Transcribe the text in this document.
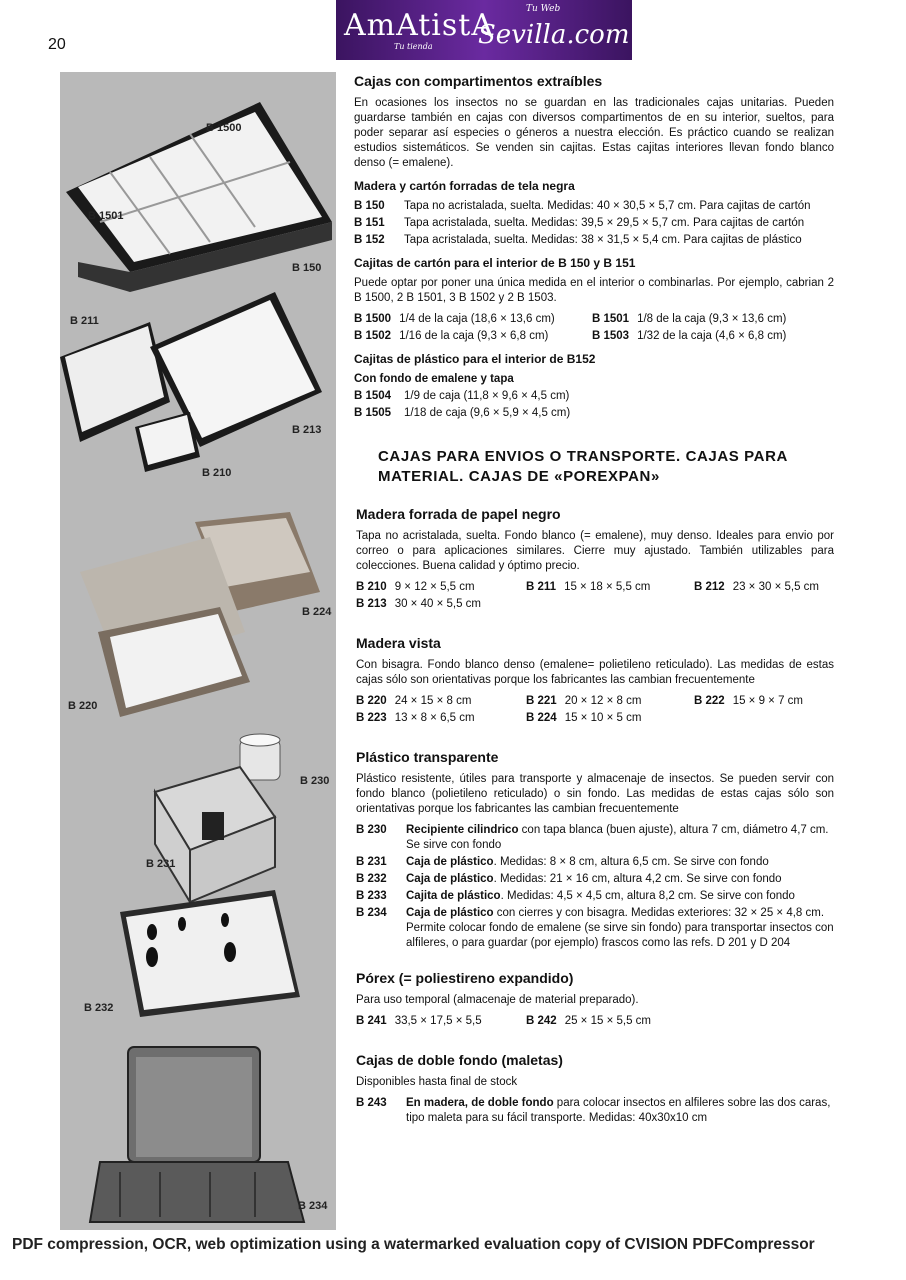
20
AmAtistA
Sevilla.com
Tu Web
Tu tienda
B 1500
B 1501
B 150
B 211
B 213
B 210
B 224
B 220
B 230
B 231
B 232
B 234
Cajas con compartimentos extraíbles
En ocasiones los insectos no se guardan en las tradicionales cajas unitarias. Pueden guardarse también en cajas con diversos compartimentos de en su interior, sueltos, para poder separar así especies o géneros a nuestra elección. Es práctico cuando se realizan estudios sistemáticos. Se venden sin cajitas. Estas cajitas interiores llevan fondo blanco denso (= emalene).
Madera y cartón forradas de tela negra
B 150	Tapa no acristalada, suelta. Medidas: 40 × 30,5 × 5,7 cm. Para cajitas de cartón
B 151	Tapa acristalada, suelta. Medidas: 39,5 × 29,5 × 5,7 cm. Para cajitas de cartón
B 152	Tapa acristalada, suelta. Medidas: 38 × 31,5 × 5,4 cm. Para cajitas de plástico
Cajitas de cartón para el interior de B 150 y B 151
Puede optar por poner una única medida en el interior o combinarlas. Por ejemplo, cabrian 2 B 1500, 2 B 1501, 3 B 1502 y 2 B 1503.
B 1500 1/4 de la caja (18,6 × 13,6 cm)	B 1501 1/8 de la caja (9,3 × 13,6 cm)
B 1502 1/16 de la caja (9,3 × 6,8 cm)	B 1503 1/32 de la caja (4,6 × 6,8 cm)
Cajitas de plástico para el interior de B152
Con fondo de emalene y tapa
B 1504	1/9 de caja (11,8 × 9,6 × 4,5 cm)
B 1505	1/18 de caja (9,6 × 5,9 × 4,5 cm)
CAJAS PARA ENVIOS O TRANSPORTE. CAJAS PARA MATERIAL. CAJAS DE «POREXPAN»
Madera forrada de papel negro
Tapa no acristalada, suelta. Fondo blanco (= emalene), muy denso. Ideales para envio por correo o para aplicaciones similares. Cierre muy ajustado. También utilizables para colecciones. Buena calidad y óptimo precio.
B 210 9 × 12 × 5,5 cm	B 211 15 × 18 × 5,5 cm	B 212 23 × 30 × 5,5 cm
B 213 30 × 40 × 5,5 cm
Madera vista
Con bisagra. Fondo blanco denso (emalene= polietileno reticulado). Las medidas de estas cajas sólo son orientativas porque los fabricantes las cambian frecuentemente
B 220 24 × 15 × 8 cm	B 221 20 × 12 × 8 cm	B 222 15 × 9 × 7 cm
B 223 13 × 8 × 6,5 cm	B 224 15 × 10 × 5 cm
Plástico transparente
Plástico resistente, útiles para transporte y almacenaje de insectos. Se pueden servir con fondo blanco (polietileno reticulado) o sin fondo. Las medidas de estas cajas sólo son orientativas porque los fabricantes las cambian frecuentemente
B 230	Recipiente cilindrico con tapa blanca (buen ajuste), altura 7 cm, diámetro 4,7 cm. Se sirve con fondo
B 231	Caja de plástico. Medidas: 8 × 8 cm, altura 6,5 cm. Se sirve con fondo
B 232	Caja de plástico. Medidas: 21 × 16 cm, altura 4,2 cm. Se sirve con fondo
B 233	Cajita de plástico. Medidas: 4,5 × 4,5 cm, altura 8,2 cm. Se sirve con fondo
B 234	Caja de plástico con cierres y con bisagra. Medidas exteriores: 32 × 25 × 4,8 cm. Permite colocar fondo de emalene (se sirve sin fondo) para transportar insectos con alfileres, o para guardar (por ejemplo) frascos como las refs. D 201 y D 204
Pórex (= poliestireno expandido)
Para uso temporal (almacenaje de material preparado).
B 241 33,5 × 17,5 × 5,5	B 242 25 × 15 × 5,5 cm
Cajas de doble fondo (maletas)
Disponibles hasta final de stock
B 243	En madera, de doble fondo para colocar insectos en alfileres sobre las dos caras, tipo maleta para su fácil transporte. Medidas: 40x30x10 cm
PDF compression, OCR, web optimization using a watermarked evaluation copy of CVISION PDFCompressor
